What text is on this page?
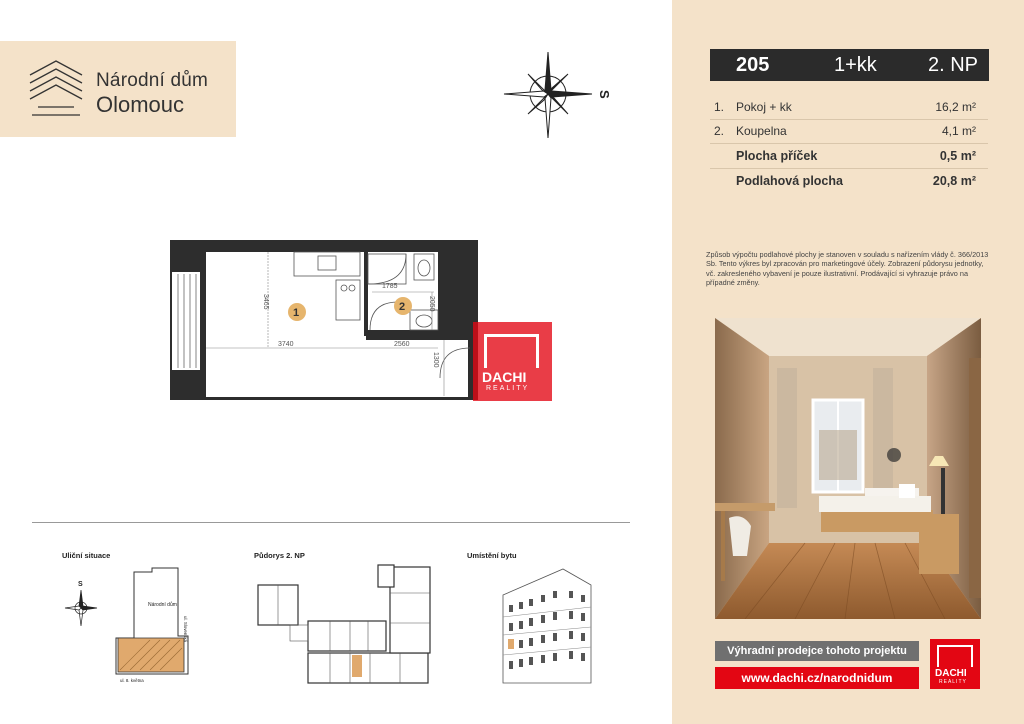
Národní dům
Olomouc	S
3465
1785
2050
3740	2560
1300
1	2
DACHI
REALITY
Uliční situace	Půdorys 2. NP	Umístění bytu
S
Národní dům
ul. Slovenská
ul. 8. května
205	1+kk	2. NP
1. Pokoj + kk	16,2 m²
2. Koupelna	4,1 m²
Plocha příček	0,5 m²
Podlahová plocha	20,8 m²
Způsob výpočtu podlahové plochy je stanoven v souladu s nařízením vlády č. 366/2013 Sb. Tento výkres byl zpracován pro marketingové účely. Zobrazení půdorysu jednotky, vč. zakresleného vybavení je pouze ilustrativní. Prodávající si vyhrazuje právo na případné změny.
Výhradní prodejce tohoto projektu
www.dachi.cz/narodnidum	DACHI
REALITY
